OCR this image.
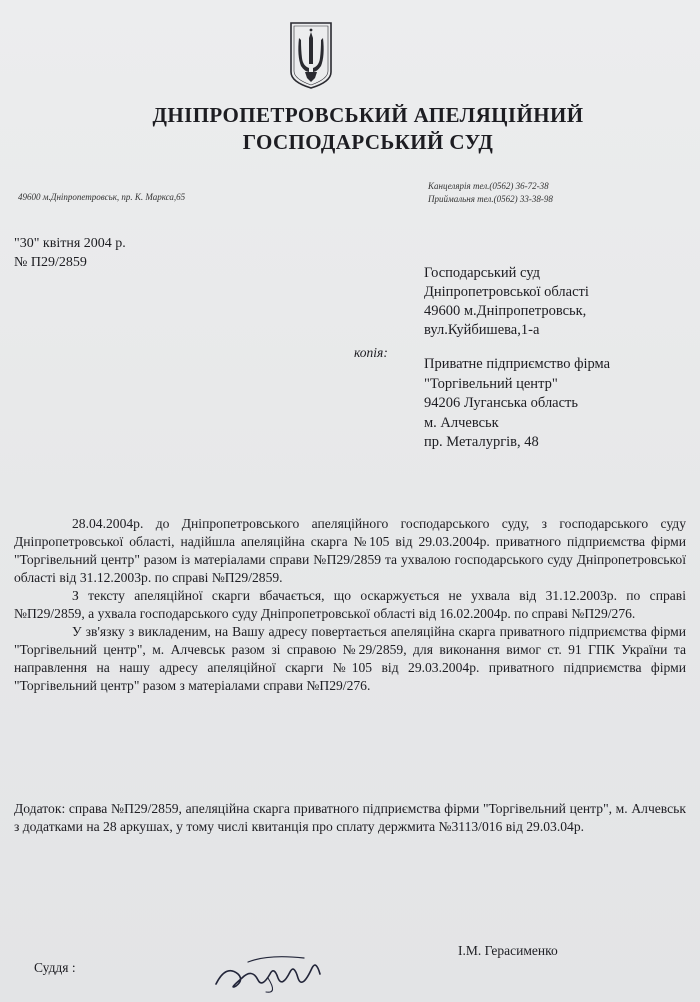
ДНІПРОПЕТРОВСЬКИЙ АПЕЛЯЦІЙНИЙ
ГОСПОДАРСЬКИЙ СУД
49600 м.Дніпропетровськ, пр. К. Маркса,65
Канцелярія тел.(0562) 36-72-38
Приймальня тел.(0562) 33-38-98
"30" квітня 2004 р.
№ П29/2859
Господарський суд
Дніпропетровської області
49600 м.Дніпропетровськ,
вул.Куйбишева,1-а
копія:
Приватне підприємство фірма
"Торгівельний центр"
94206 Луганська область
м. Алчевськ
пр. Металургів, 48

28.04.2004р. до Дніпропетровського апеляційного господарського суду, з господарського суду Дніпропетровської області, надійшла апеляційна скарга №105 від 29.03.2004р. приватного підприємства фірми "Торгівельний центр" разом із матеріалами справи №П29/2859 та ухвалою господарського суду Дніпропетровської області від 31.12.2003р. по справі №П29/2859.

З тексту апеляційної скарги вбачається, що оскаржується не ухвала від 31.12.2003р. по справі №П29/2859, а ухвала господарського суду Дніпропетровської області від 16.02.2004р. по справі №П29/276.

У зв'язку з викладеним, на Вашу адресу повертається апеляційна скарга приватного підприємства фірми "Торгівельний центр", м. Алчевськ разом зі справою №29/2859, для виконання вимог ст. 91 ГПК України та направлення на нашу адресу апеляційної скарги №105 від 29.03.2004р. приватного підприємства фірми "Торгівельний центр" разом з матеріалами справи №П29/276.

Додаток: справа №П29/2859, апеляційна скарга приватного підприємства фірми "Торгівельний центр", м. Алчевськ з додатками на 28 аркушах, у тому числі квитанція про сплату держмита №3113/016 від 29.03.04р.

Суддя :
І.М. Герасименко
